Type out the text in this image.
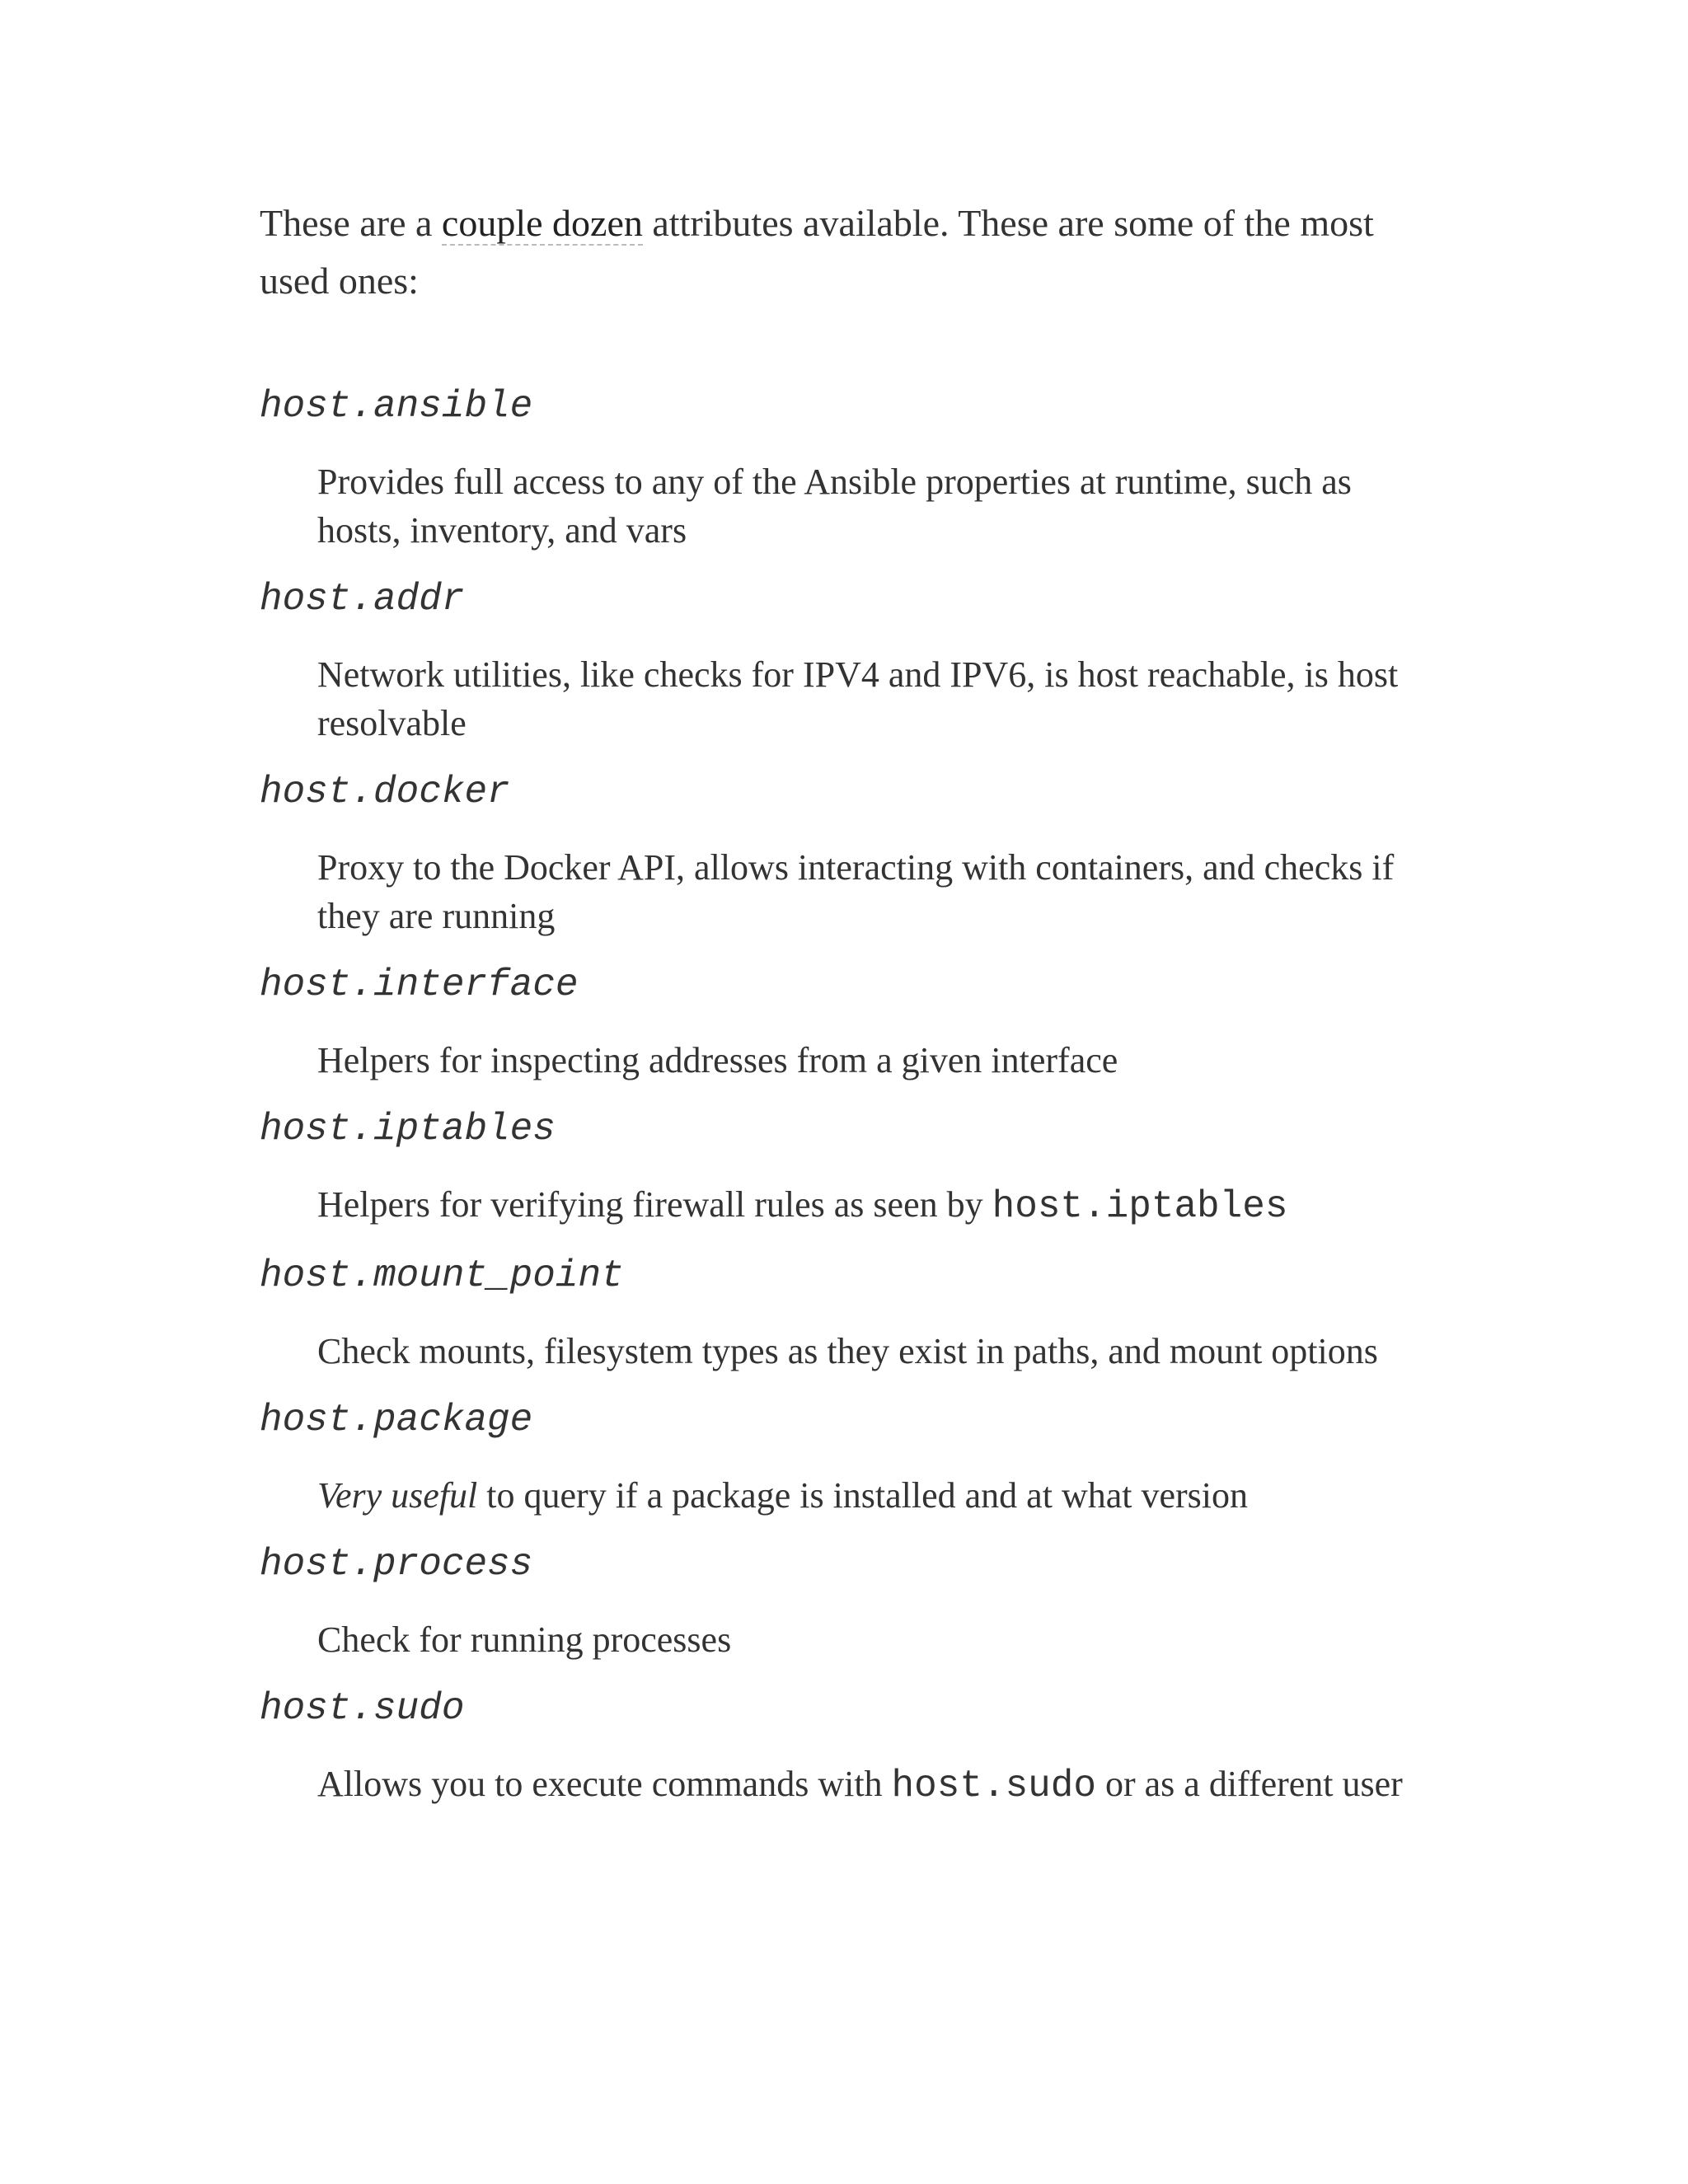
These are a couple dozen attributes available. These are some of the most used ones:

host.ansible
Provides full access to any of the Ansible properties at runtime, such as hosts, inventory, and vars
host.addr
Network utilities, like checks for IPV4 and IPV6, is host reachable, is host resolvable
host.docker
Proxy to the Docker API, allows interacting with containers, and checks if they are running
host.interface
Helpers for inspecting addresses from a given interface
host.iptables
Helpers for verifying firewall rules as seen by host.iptables
host.mount_point
Check mounts, filesystem types as they exist in paths, and mount options
host.package
Very useful to query if a package is installed and at what version
host.process
Check for running processes
host.sudo
Allows you to execute commands with host.sudo or as a different user
